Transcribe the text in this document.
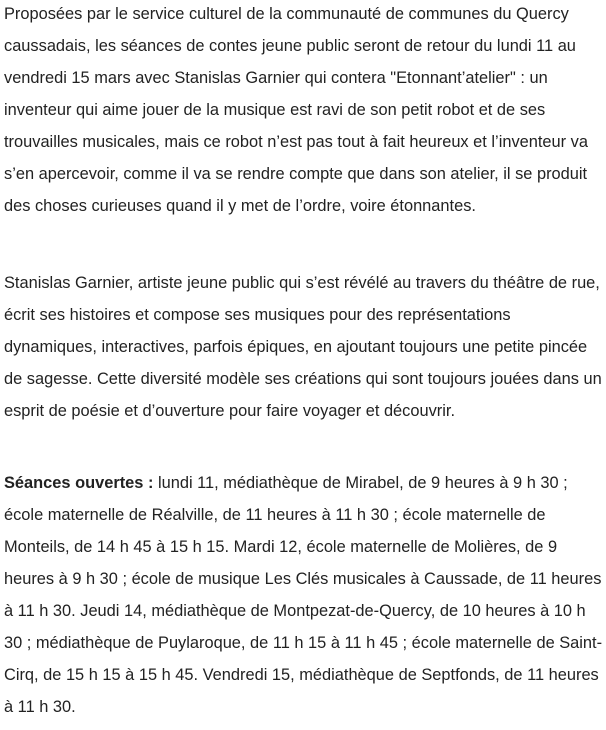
Proposées par le service culturel de la communauté de communes du Quercy caussadais, les séances de contes jeune public seront de retour du lundi 11 au vendredi 15 mars avec Stanislas Garnier qui contera "Etonnant’atelier" : un inventeur qui aime jouer de la musique est ravi de son petit robot et de ses trouvailles musicales, mais ce robot n’est pas tout à fait heureux et l’inventeur va s’en apercevoir, comme il va se rendre compte que dans son atelier, il se produit des choses curieuses quand il y met de l’ordre, voire étonnantes.

Stanislas Garnier, artiste jeune public qui s’est révélé au travers du théâtre de rue, écrit ses histoires et compose ses musiques pour des représentations dynamiques, interactives, parfois épiques, en ajoutant toujours une petite pincée de sagesse. Cette diversité modèle ses créations qui sont toujours jouées dans un esprit de poésie et d’ouverture pour faire voyager et découvrir.

Séances ouvertes : lundi 11, médiathèque de Mirabel, de 9 heures à 9 h 30 ; école maternelle de Réalville, de 11 heures à 11 h 30 ; école maternelle de Monteils, de 14 h 45 à 15 h 15. Mardi 12, école maternelle de Molières, de 9 heures à 9 h 30 ; école de musique Les Clés musicales à Caussade, de 11 heures à 11 h 30. Jeudi 14, médiathèque de Montpezat-de-Quercy, de 10 heures à 10 h 30 ; médiathèque de Puylaroque, de 11 h 15 à 11 h 45 ; école maternelle de Saint-Cirq, de 15 h 15 à 15 h 45. Vendredi 15, médiathèque de Septfonds, de 11 heures à 11 h 30.
